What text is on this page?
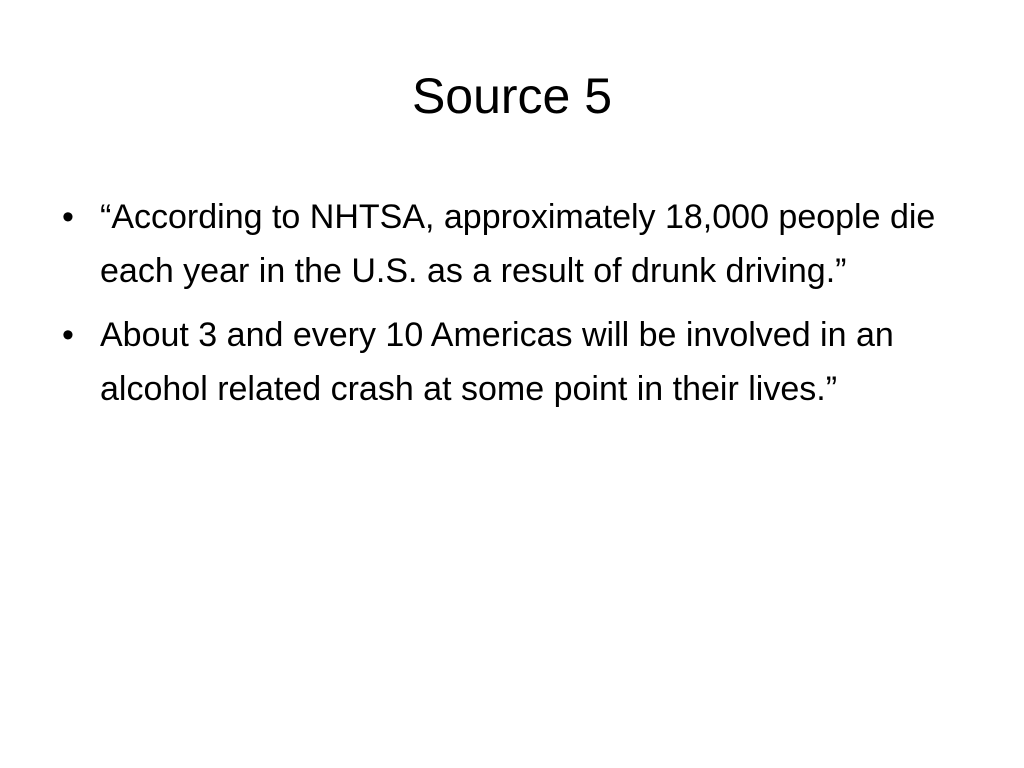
Source 5
• “According to NHTSA, approximately 18,000 people die each year in the U.S. as a result of drunk driving.”
• About 3 and every 10 Americas will be involved in an alcohol related crash at some point in their lives.”
